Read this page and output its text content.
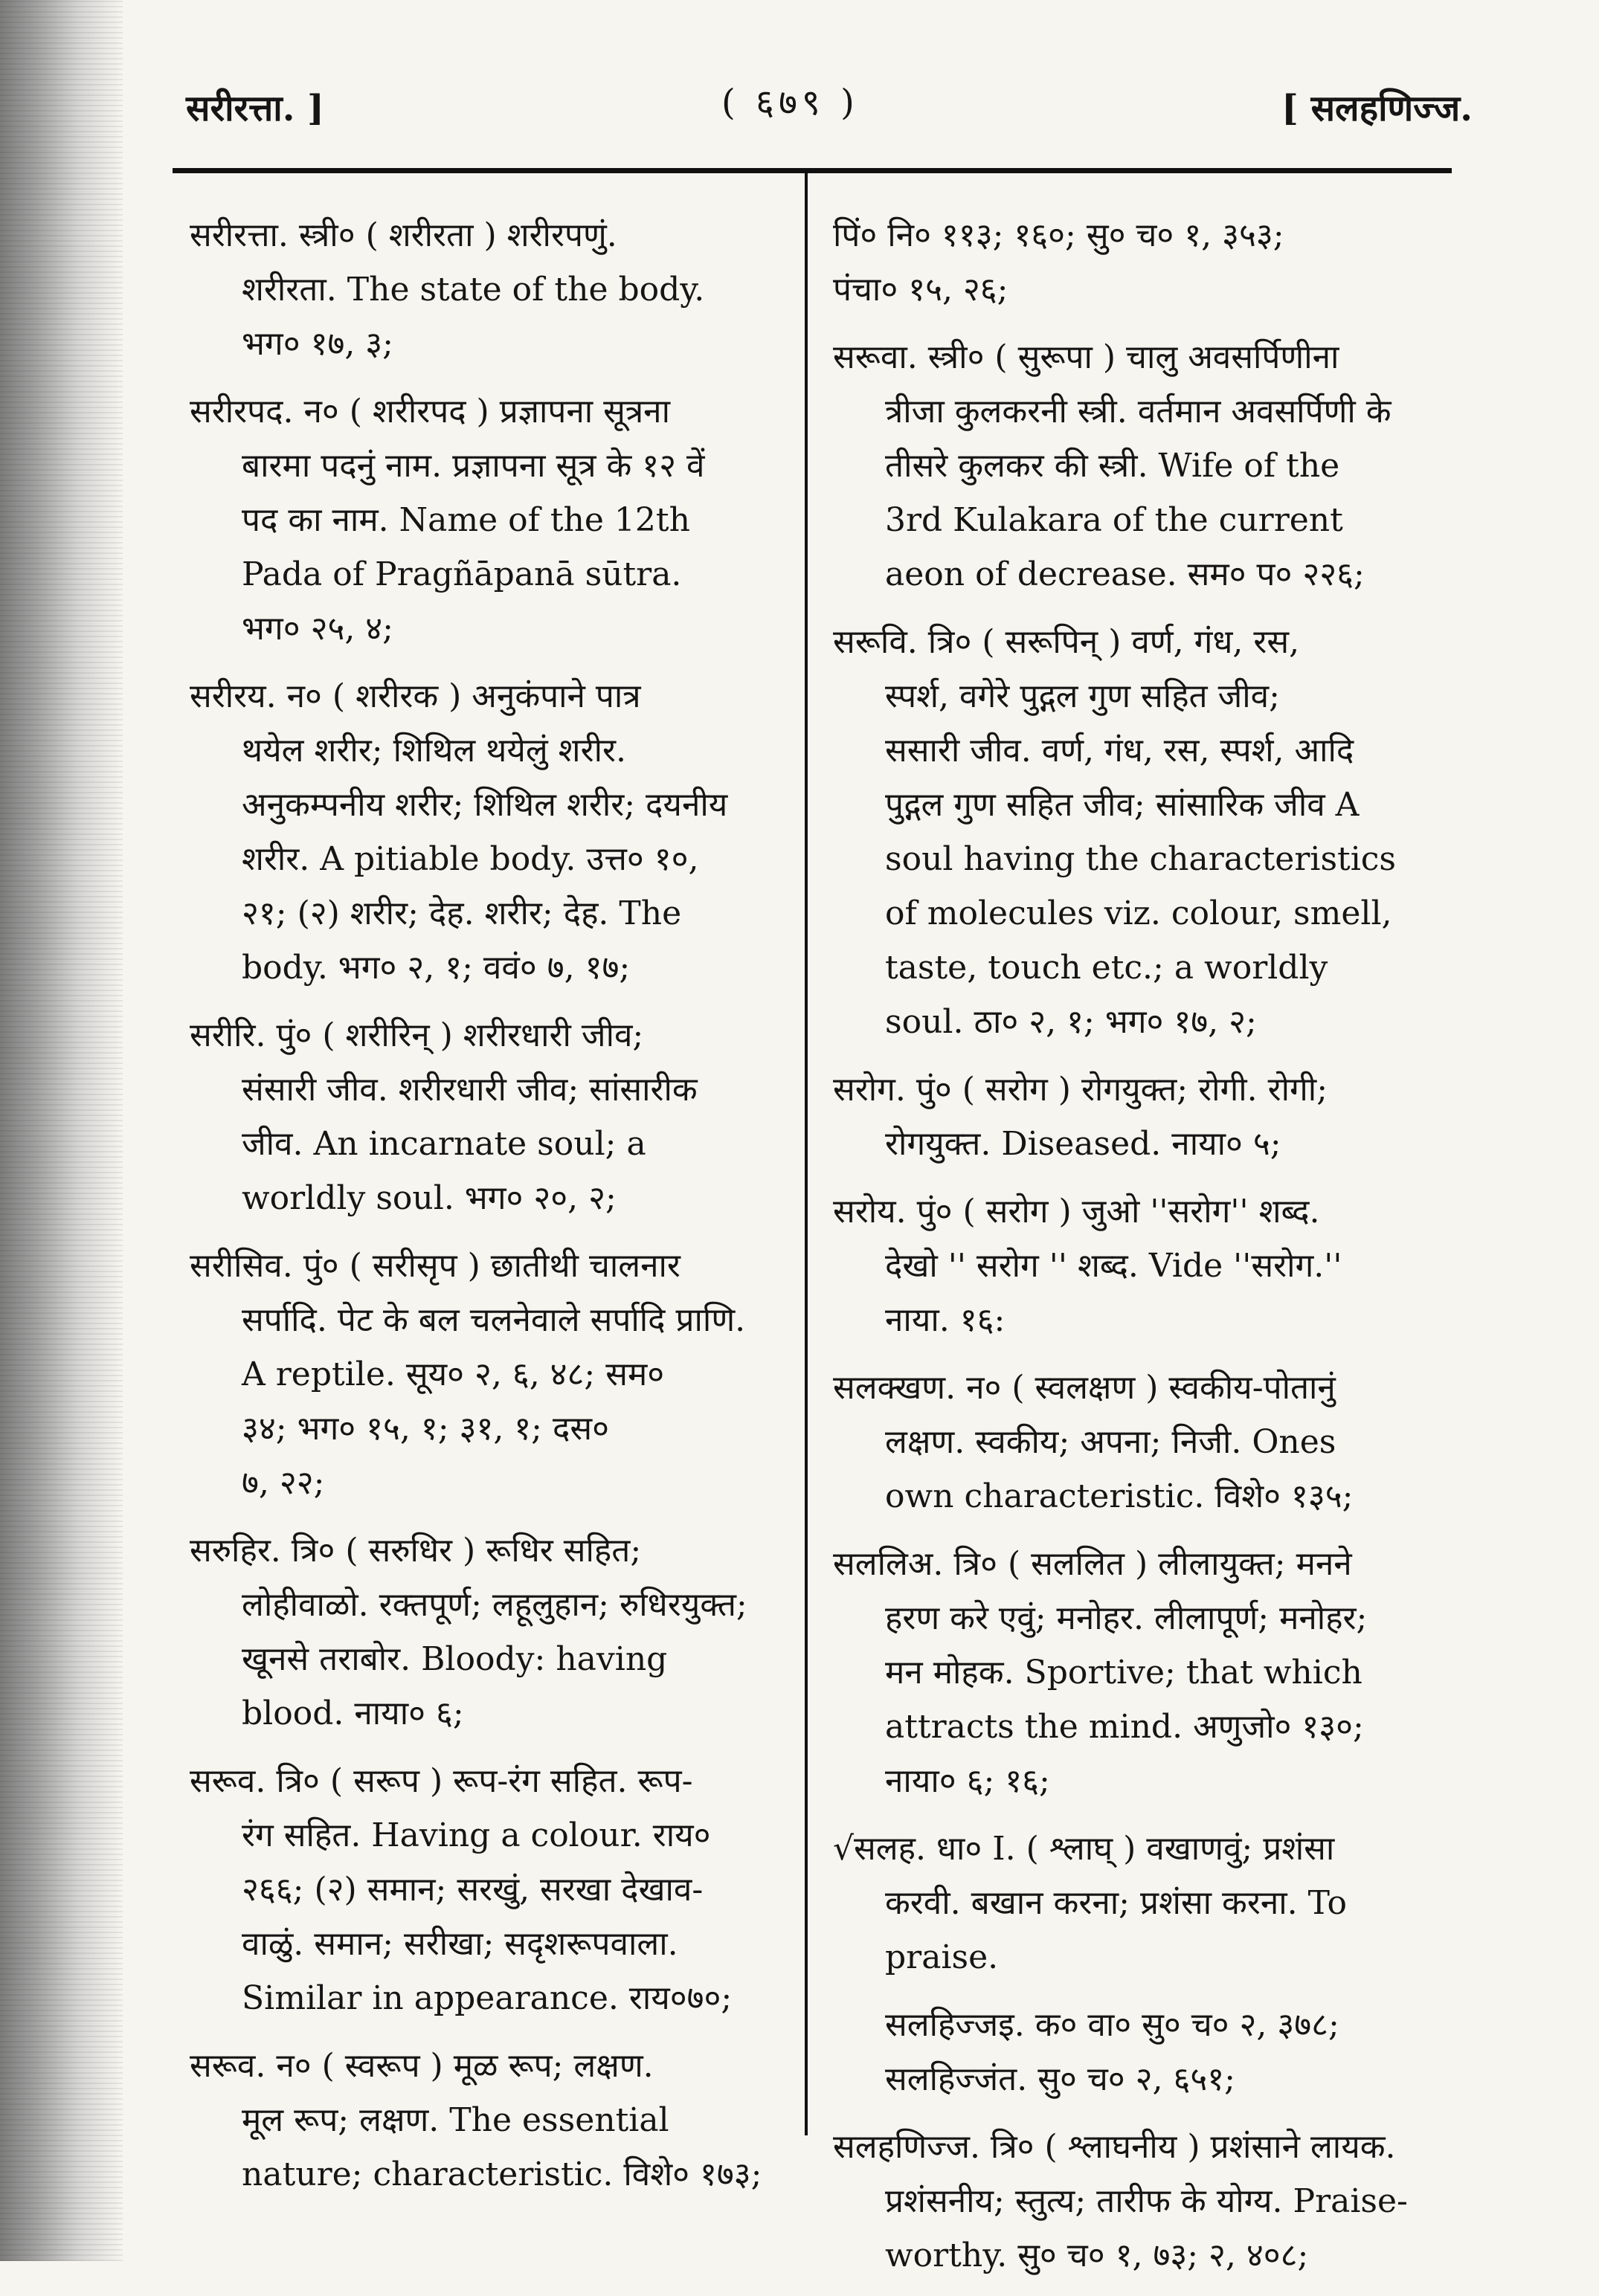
सरीरत्ता. ]	( ६७९ )	[ सलहणिज्ज.
सरीरत्ता. स्त्री० ( शरीरता ) शरीरपणुं.
शरीरता. The state of the body.
भग० १७, ३;
सरीरपद. न० ( शरीरपद ) प्रज्ञापना सूत्रना
बारमा पदनुं नाम. प्रज्ञापना सूत्र के १२ वें
पद का नाम. Name of the 12th
Pada of Pragñāpanā sūtra.
भग० २५, ४;
सरीरय. न० ( शरीरक ) अनुकंपाने पात्र
थयेल शरीर; शिथिल थयेलुं शरीर.
अनुकम्पनीय शरीर; शिथिल शरीर; दयनीय
शरीर. A pitiable body. उत्त० १०,
२१; (२) शरीर; देह. शरीर; देह. The
body. भग० २, १; ववं० ७, १७;
सरीरि. पुं० ( शरीरिन् ) शरीरधारी जीव;
संसारी जीव. शरीरधारी जीव; सांसारीक
जीव. An incarnate soul; a
worldly soul. भग० २०, २;
सरीसिव. पुं० ( सरीसृप ) छातीथी चालनार
सर्पादि. पेट के बल चलनेवाले सर्पादि प्राणि.
A reptile. सूय० २, ६, ४८; सम०
३४; भग० १५, १; ३१, १; दस०
७, २२;
सरुहिर. त्रि० ( सरुधिर ) रूधिर सहित;
लोहीवाळो. रक्तपूर्ण; लहूलुहान; रुधिरयुक्त;
खूनसे तराबोर. Bloody: having
blood. नाया० ६;
सरूव. त्रि० ( सरूप ) रूप-रंग सहित. रूप-
रंग सहित. Having a colour. राय०
२६६; (२) समान; सरखुं, सरखा देखाव-
वाळुं. समान; सरीखा; सदृशरूपवाला.
Similar in appearance. राय०७०;
सरूव. न० ( स्वरूप ) मूळ रूप; लक्षण.
मूल रूप; लक्षण. The essential
nature; characteristic. विशे० १७३;
पिं० नि० ११३; १६०; सु० च० १, ३५३;
पंचा० १५, २६;
सरूवा. स्त्री० ( सुरूपा ) चालु अवसर्पिणीना
त्रीजा कुलकरनी स्त्री. वर्तमान अवसर्पिणी के
तीसरे कुलकर की स्त्री. Wife of the
3rd Kulakara of the current
aeon of decrease. सम० प० २२६;
सरूवि. त्रि० ( सरूपिन् ) वर्ण, गंध, रस,
स्पर्श, वगेरे पुद्गल गुण सहित जीव;
ससारी जीव. वर्ण, गंध, रस, स्पर्श, आदि
पुद्गल गुण सहित जीव; सांसारिक जीव A
soul having the characteristics
of molecules viz. colour, smell,
taste, touch etc.; a worldly
soul. ठा० २, १; भग० १७, २;
सरोग. पुं० ( सरोग ) रोगयुक्त; रोगी. रोगी;
रोगयुक्त. Diseased. नाया० ५;
सरोय. पुं० ( सरोग ) जुओ ''सरोग'' शब्द.
देखो '' सरोग '' शब्द. Vide ''सरोग.''
नाया. १६:
सलक्खण. न० ( स्वलक्षण ) स्वकीय-पोतानुं
लक्षण. स्वकीय; अपना; निजी. Ones
own characteristic. विशे० १३५;
सललिअ. त्रि० ( सललित ) लीलायुक्त; मनने
हरण करे एवुं; मनोहर. लीलापूर्ण; मनोहर;
मन मोहक. Sportive; that which
attracts the mind. अणुजो० १३०;
नाया० ६; १६;
√सलह. धा० I. ( श्लाघ् ) वखाणवुं; प्रशंसा
करवी. बखान करना; प्रशंसा करना. To
praise.
सलहिज्जइ. क० वा० सु० च० २, ३७८;
सलहिज्जंत. सु० च० २, ६५१;
सलहणिज्ज. त्रि० ( श्लाघनीय ) प्रशंसाने लायक.
प्रशंसनीय; स्तुत्य; तारीफ के योग्य. Praise-
worthy. सु० च० १, ७३; २, ४०८;
